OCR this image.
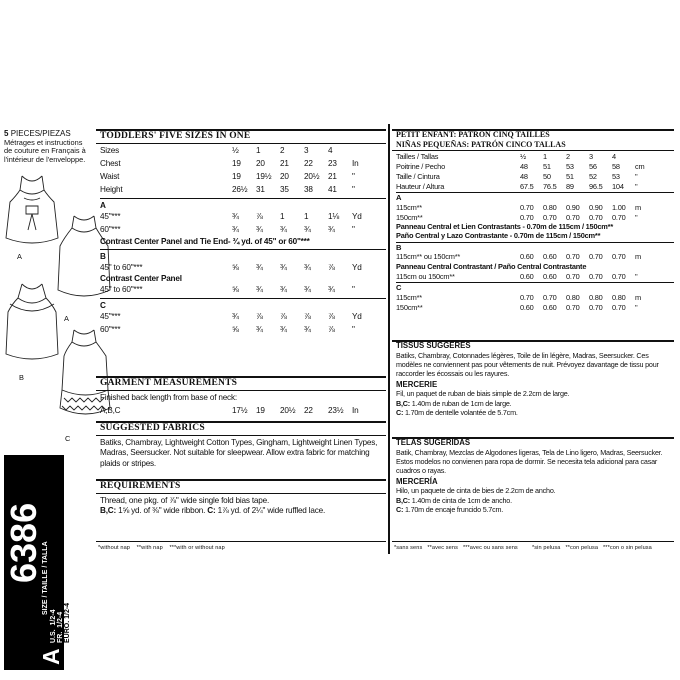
5 PIECES/PIEZAS
Métrages et instructions
de couture en Français à
l'intérieur de l'enveloppe.
A
A
B
C
6386
A
SIZE / TAILLE / TALLA
U.S.  1/2-4
FR.  1/2-4
EURO. 1/2-4
TODDLERS' FIVE SIZES IN ONE
Sizes	½	1	2	3	4	
Chest	19	20	21	22	23	In
Waist	19	19½	20	20½	21	"
Height	26½	31	35	38	41	"
A
45"***	¾	⅞	1	1	1⅛	Yd
60"***	¾	¾	¾	¾	¾	"
Contrast Center Panel and Tie End- ¾ yd. of 45" or 60"***
B
45" to 60"***	⅝	¾	¾	¾	⅞	Yd
Contrast Center Panel
45" to 60"***	⅝	¾	¾	¾	¾	"
C
45"***	¾	⅞	⅞	⅞	⅞	Yd
60"***	⅝	¾	¾	¾	⅞	"
GARMENT MEASUREMENTS
Finished back length from base of neck:
A,B,C	17½	19	20½	22	23½	In
SUGGESTED FABRICS
Batiks, Chambray, Lightweight Cotton Types, Gingham, Lightweight Linen Types, Madras, Seersucker. Not suitable for sleepwear. Allow extra fabric for matching plaids or stripes.
REQUIREMENTS
Thread, one pkg. of ⅞" wide single fold bias tape.
B,C: 1⅝ yd. of ⅜" wide ribbon. C: 1⅞ yd. of 2¼" wide ruffled lace.
*without nap **with nap ***with or without nap
PETIT ENFANT: PATRON CINQ TAILLES
NIÑAS PEQUEÑAS: PATRÓN CINCO TALLAS
Tailles / Tallas	½	1	2	3	4	
Poitrine / Pecho	48	51	53	56	58	cm
Taille / Cintura	48	50	51	52	53	"
Hauteur / Altura	67.5	76.5	89	96.5	104	"
A
115cm**	0.70	0.80	0.90	0.90	1.00	m
150cm**	0.70	0.70	0.70	0.70	0.70	"
Panneau Central et Lien Contrastants - 0.70m de 115cm / 150cm**
Paño Central y Lazo Contrastante - 0.70m de 115cm / 150cm**
B
115cm** ou 150cm**	0.60	0.60	0.70	0.70	0.70	m
Panneau Central Contrastant / Paño Central Contrastante
115cm ou 150cm**	0.60	0.60	0.70	0.70	0.70	"
C
115cm**	0.70	0.70	0.80	0.80	0.80	m
150cm**	0.60	0.60	0.70	0.70	0.70	"
TISSUS SUGGÉRÉS
Batiks, Chambray, Cotonnades légères, Toile de lin légère, Madras, Seersucker. Ces modèles ne conviennent pas pour vêtements de nuit. Prévoyez davantage de tissu pour raccorder les écossais ou les rayures.
MERCERIE
Fil, un paquet de ruban de biais simple de 2.2cm de large.
B,C: 1.40m de ruban de 1cm de large.
C: 1.70m de dentelle volantée de 5.7cm.
TELAS SUGERIDAS
Batik, Chambray, Mezclas de Algodones ligeras, Tela de Lino ligero, Madras, Seersucker. Estos modelos no convienen para ropa de dormir. Se necesita tela adicional para casar cuadros o rayas.
MERCERÍA
Hilo, un paquete de cinta de bies de 2.2cm de ancho.
B,C: 1.40m de cinta de 1cm de ancho.
C: 1.70m de encaje fruncido 5.7cm.
*sans sens **avec sens ***avec ou sans sens	*sin pelusa **con pelusa ***con o sin pelusa
